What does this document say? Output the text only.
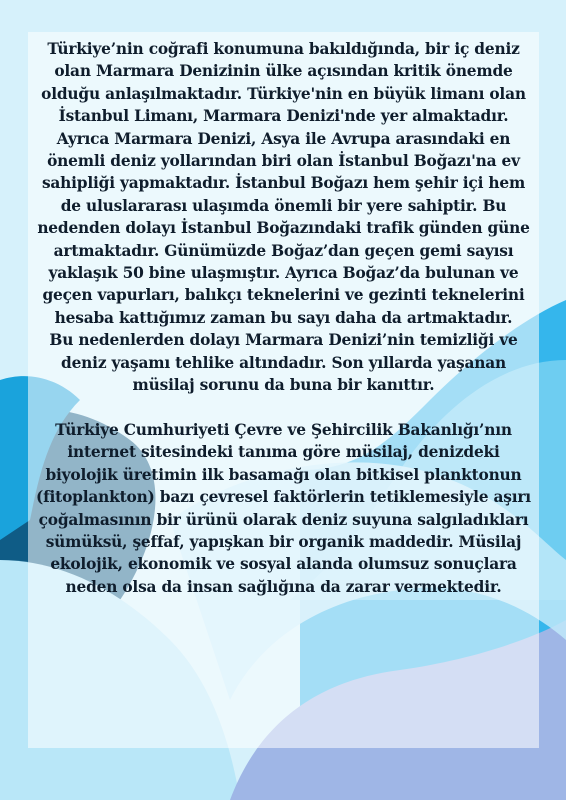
Türkiye’nin coğrafi konumuna bakıldığında, bir iç deniz olan Marmara Denizinin ülke açısından kritik önemde olduğu anlaşılmaktadır. Türkiye'nin en büyük limanı olan İstanbul Limanı, Marmara Denizi'nde yer almaktadır. Ayrıca Marmara Denizi, Asya ile Avrupa arasındaki en önemli deniz yollarından biri olan İstanbul Boğazı'na ev sahipliği yapmaktadır. İstanbul Boğazı hem şehir içi hem de uluslararası ulaşımda önemli bir yere sahiptir. Bu nedenden dolayı İstanbul Boğazındaki trafik günden güne artmaktadır. Günümüzde Boğaz’dan geçen gemi sayısı yaklaşık 50 bine ulaşmıştır. Ayrıca Boğaz’da bulunan ve geçen vapurları, balıkçı teknelerini ve gezinti teknelerini hesaba kattığımız zaman bu sayı daha da artmaktadır.

Bu nedenlerden dolayı Marmara Denizi’nin temizliği ve deniz yaşamı tehlike altındadır. Son yıllarda yaşanan müsilaj sorunu da buna bir kanıttır.

Türkiye Cumhuriyeti Çevre ve Şehircilik Bakanlığı’nın internet sitesindeki tanıma göre müsilaj, denizdeki biyolojik üretimin ilk basamağı olan bitkisel planktonun (fitoplankton) bazı çevresel faktörlerin tetiklemesiyle aşırı çoğalmasının bir ürünü olarak deniz suyuna salgıladıkları sümüksü, şeffaf, yapışkan bir organik maddedir. Müsilaj ekolojik, ekonomik ve sosyal alanda olumsuz sonuçlara neden olsa da insan sağlığına da zarar vermektedir.
